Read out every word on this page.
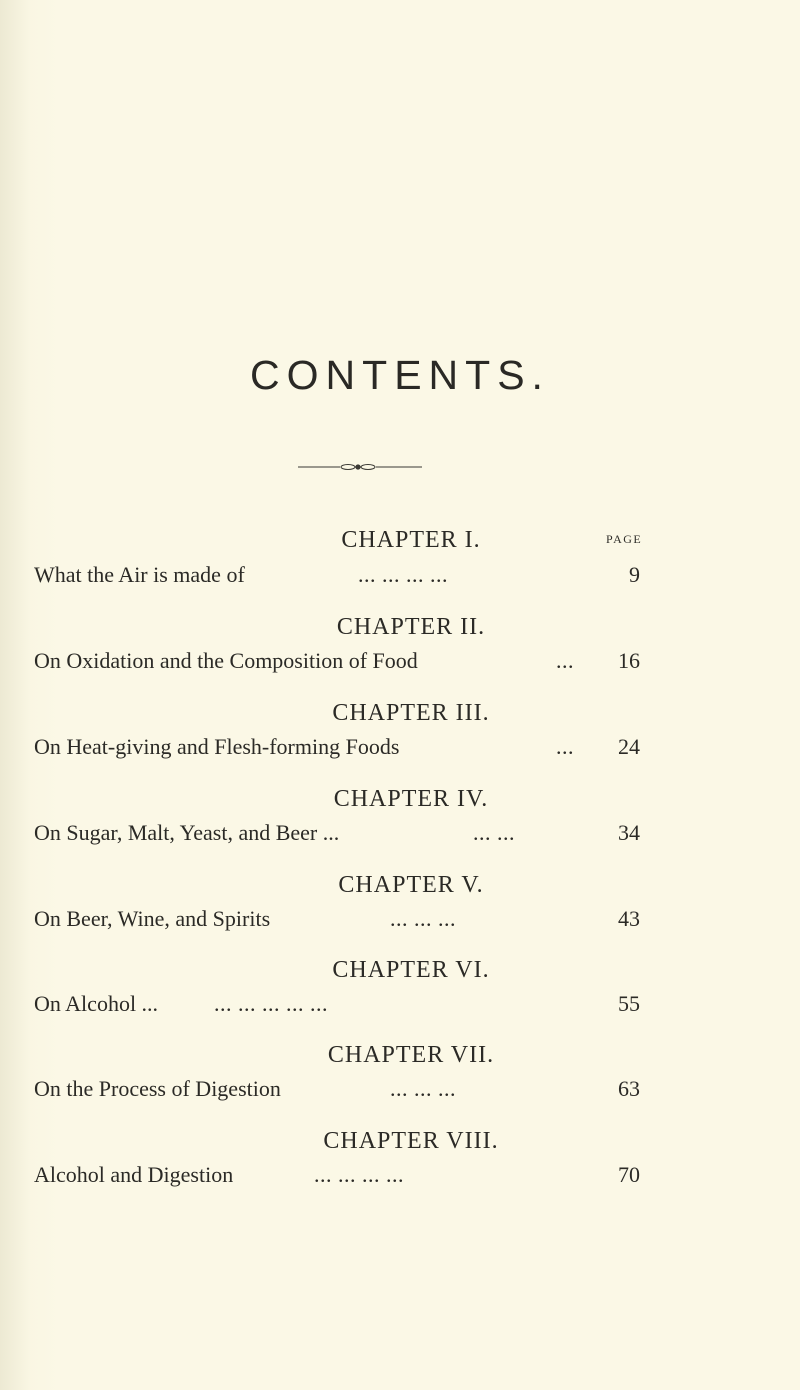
CONTENTS.
PAGE
CHAPTER I.
What the Air is made of	... ... ... ...	9
CHAPTER II.
On Oxidation and the Composition of Food	...	16
CHAPTER III.
On Heat-giving and Flesh-forming Foods	...	24
CHAPTER IV.
On Sugar, Malt, Yeast, and Beer ...	... ...	34
CHAPTER V.
On Beer, Wine, and Spirits	... ... ...	43
CHAPTER VI.
On Alcohol ...	... ... ... ... ...	55
CHAPTER VII.
On the Process of Digestion	... ... ...	63
CHAPTER VIII.
Alcohol and Digestion	... ... ... ...	70
